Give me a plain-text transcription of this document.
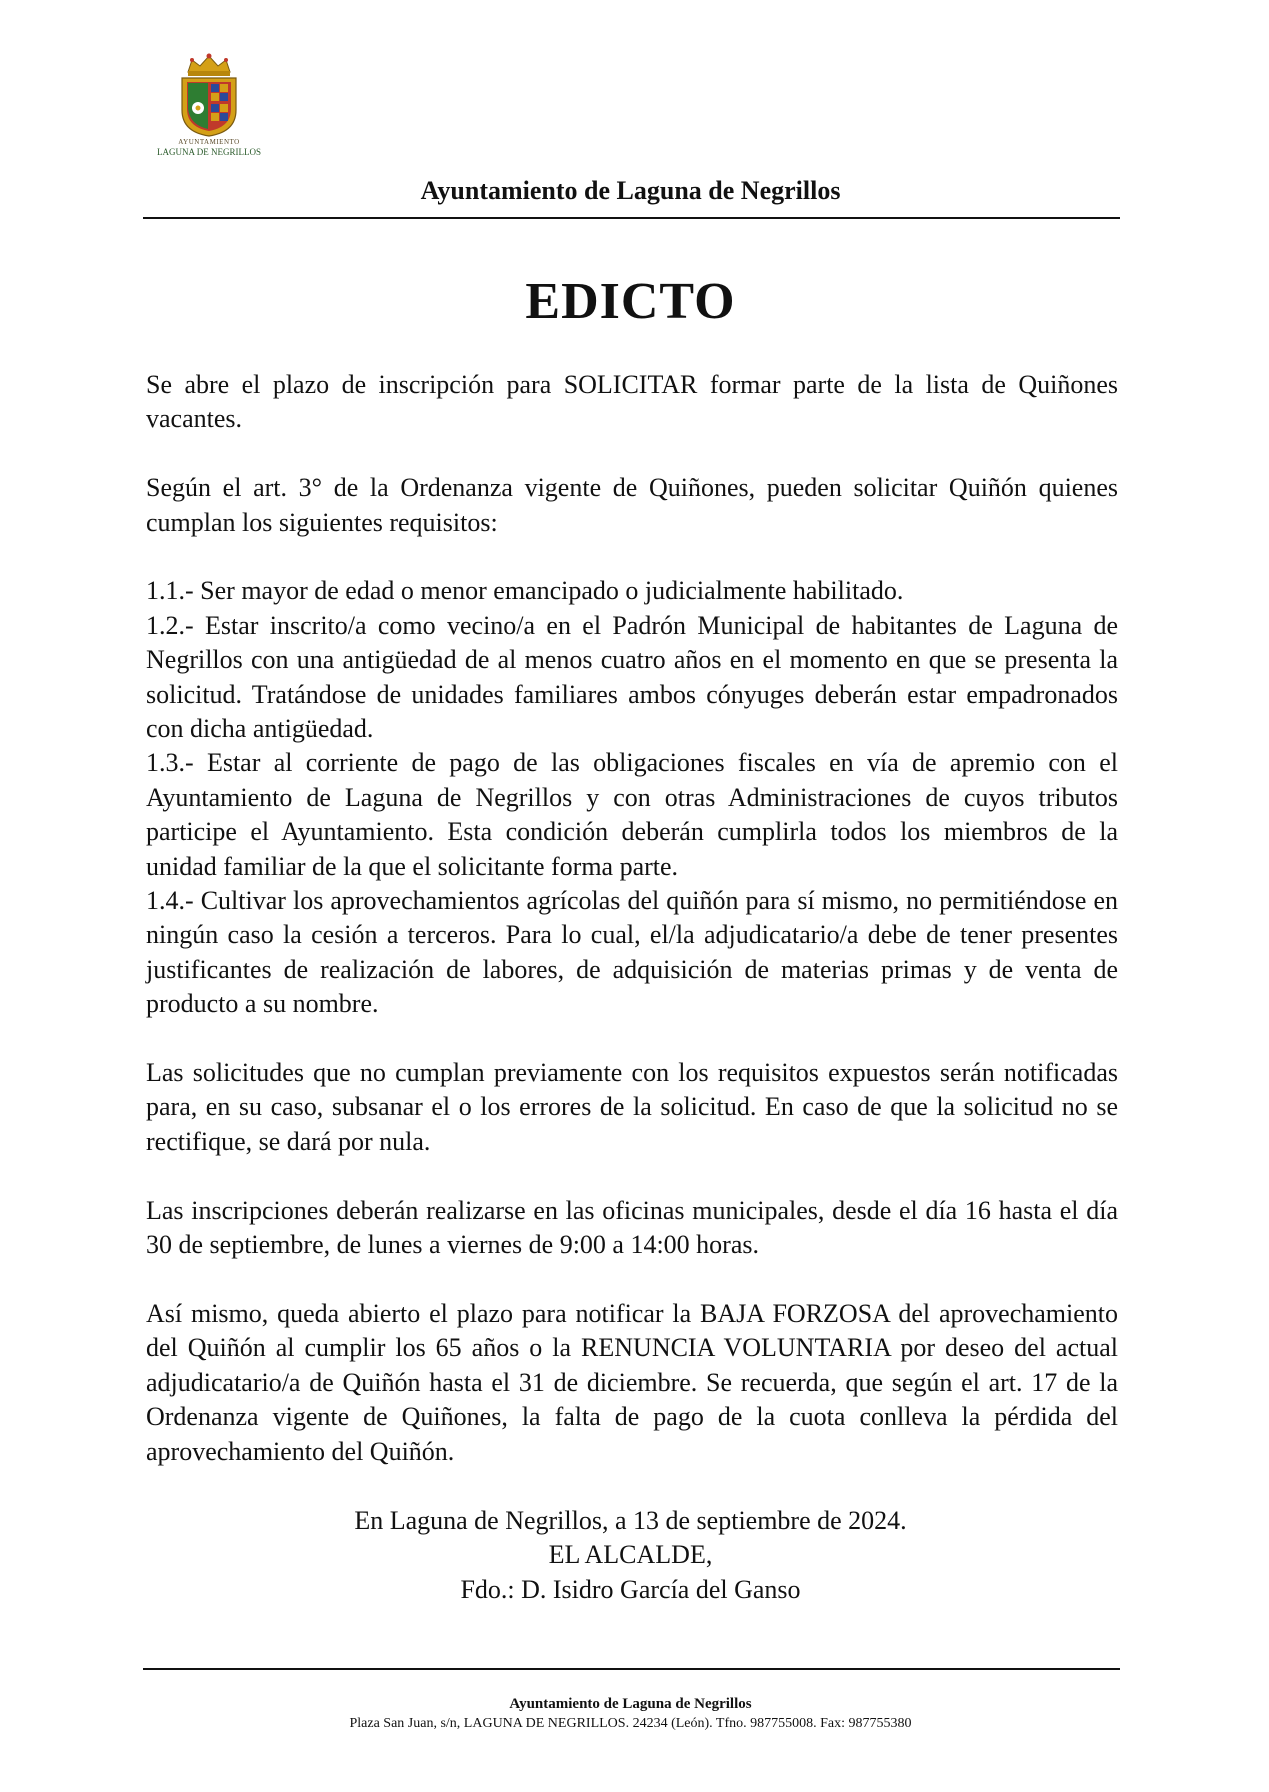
AYUNTAMIENTO
LAGUNA DE NEGRILLOS
Ayuntamiento de Laguna de Negrillos
EDICTO

Se abre el plazo de inscripción para SOLICITAR formar parte de la lista de Quiñones vacantes.

Según el art. 3° de la Ordenanza vigente de Quiñones, pueden solicitar Quiñón quienes cumplan los siguientes requisitos:

1.1.- Ser mayor de edad o menor emancipado o judicialmente habilitado.

1.2.- Estar inscrito/a como vecino/a en el Padrón Municipal de habitantes de Laguna de Negrillos con una antigüedad de al menos cuatro años en el momento en que se presenta la solicitud. Tratándose de unidades familiares ambos cónyuges deberán estar empadronados con dicha antigüedad.

1.3.- Estar al corriente de pago de las obligaciones fiscales en vía de apremio con el Ayuntamiento de Laguna de Negrillos y con otras Administraciones de cuyos tributos participe el Ayuntamiento. Esta condición deberán cumplirla todos los miembros de la unidad familiar de la que el solicitante forma parte.

1.4.- Cultivar los aprovechamientos agrícolas del quiñón para sí mismo, no permitiéndose en ningún caso la cesión a terceros. Para lo cual, el/la adjudicatario/a debe de tener presentes justificantes de realización de labores, de adquisición de materias primas y de venta de producto a su nombre.

Las solicitudes que no cumplan previamente con los requisitos expuestos serán notificadas para, en su caso, subsanar el o los errores de la solicitud. En caso de que la solicitud no se rectifique, se dará por nula.

Las inscripciones deberán realizarse en las oficinas municipales, desde el día 16 hasta el día 30 de septiembre, de lunes a viernes de 9:00 a 14:00 horas.

Así mismo, queda abierto el plazo para notificar la BAJA FORZOSA del aprovechamiento del Quiñón al cumplir los 65 años o la RENUNCIA VOLUNTARIA por deseo del actual adjudicatario/a de Quiñón hasta el 31 de diciembre. Se recuerda, que según el art. 17 de la Ordenanza vigente de Quiñones, la falta de pago de la cuota conlleva la pérdida del aprovechamiento del Quiñón.

En Laguna de Negrillos, a 13 de septiembre de 2024.
EL ALCALDE,
Fdo.: D. Isidro García del Ganso
Ayuntamiento de Laguna de Negrillos
Plaza San Juan, s/n, LAGUNA DE NEGRILLOS. 24234 (León). Tfno. 987755008. Fax: 987755380
